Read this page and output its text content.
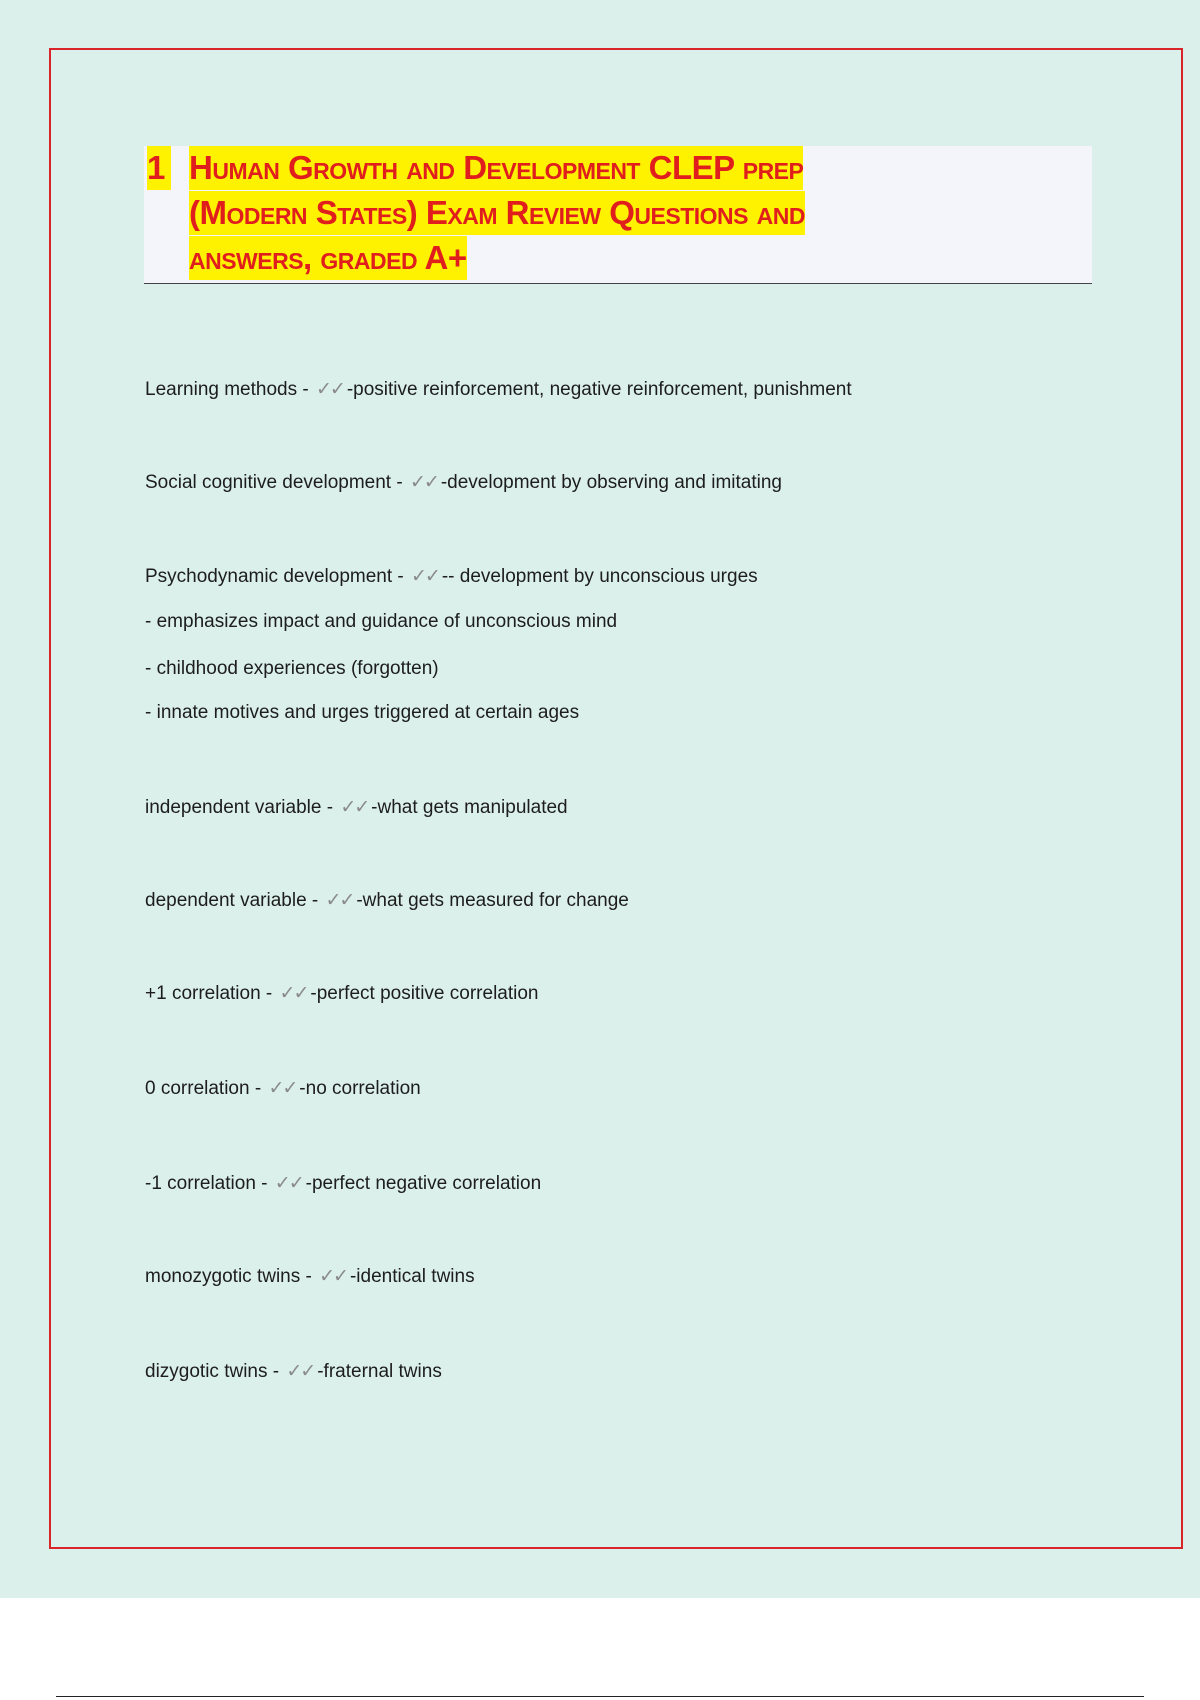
1 Human Growth and Development CLEP prep
(Modern States) Exam Review Questions and
answers, graded A+
Learning methods - ✓✓ -positive reinforcement, negative reinforcement, punishment
Social cognitive development - ✓✓ -development by observing and imitating
Psychodynamic development - ✓✓ -- development by unconscious urges
- emphasizes impact and guidance of unconscious mind
- childhood experiences (forgotten)
- innate motives and urges triggered at certain ages
independent variable - ✓✓ -what gets manipulated
dependent variable - ✓✓ -what gets measured for change
+1 correlation - ✓✓ -perfect positive correlation
0 correlation - ✓✓ -no correlation
-1 correlation - ✓✓ -perfect negative correlation
monozygotic twins - ✓✓ -identical twins
dizygotic twins - ✓✓ -fraternal twins
